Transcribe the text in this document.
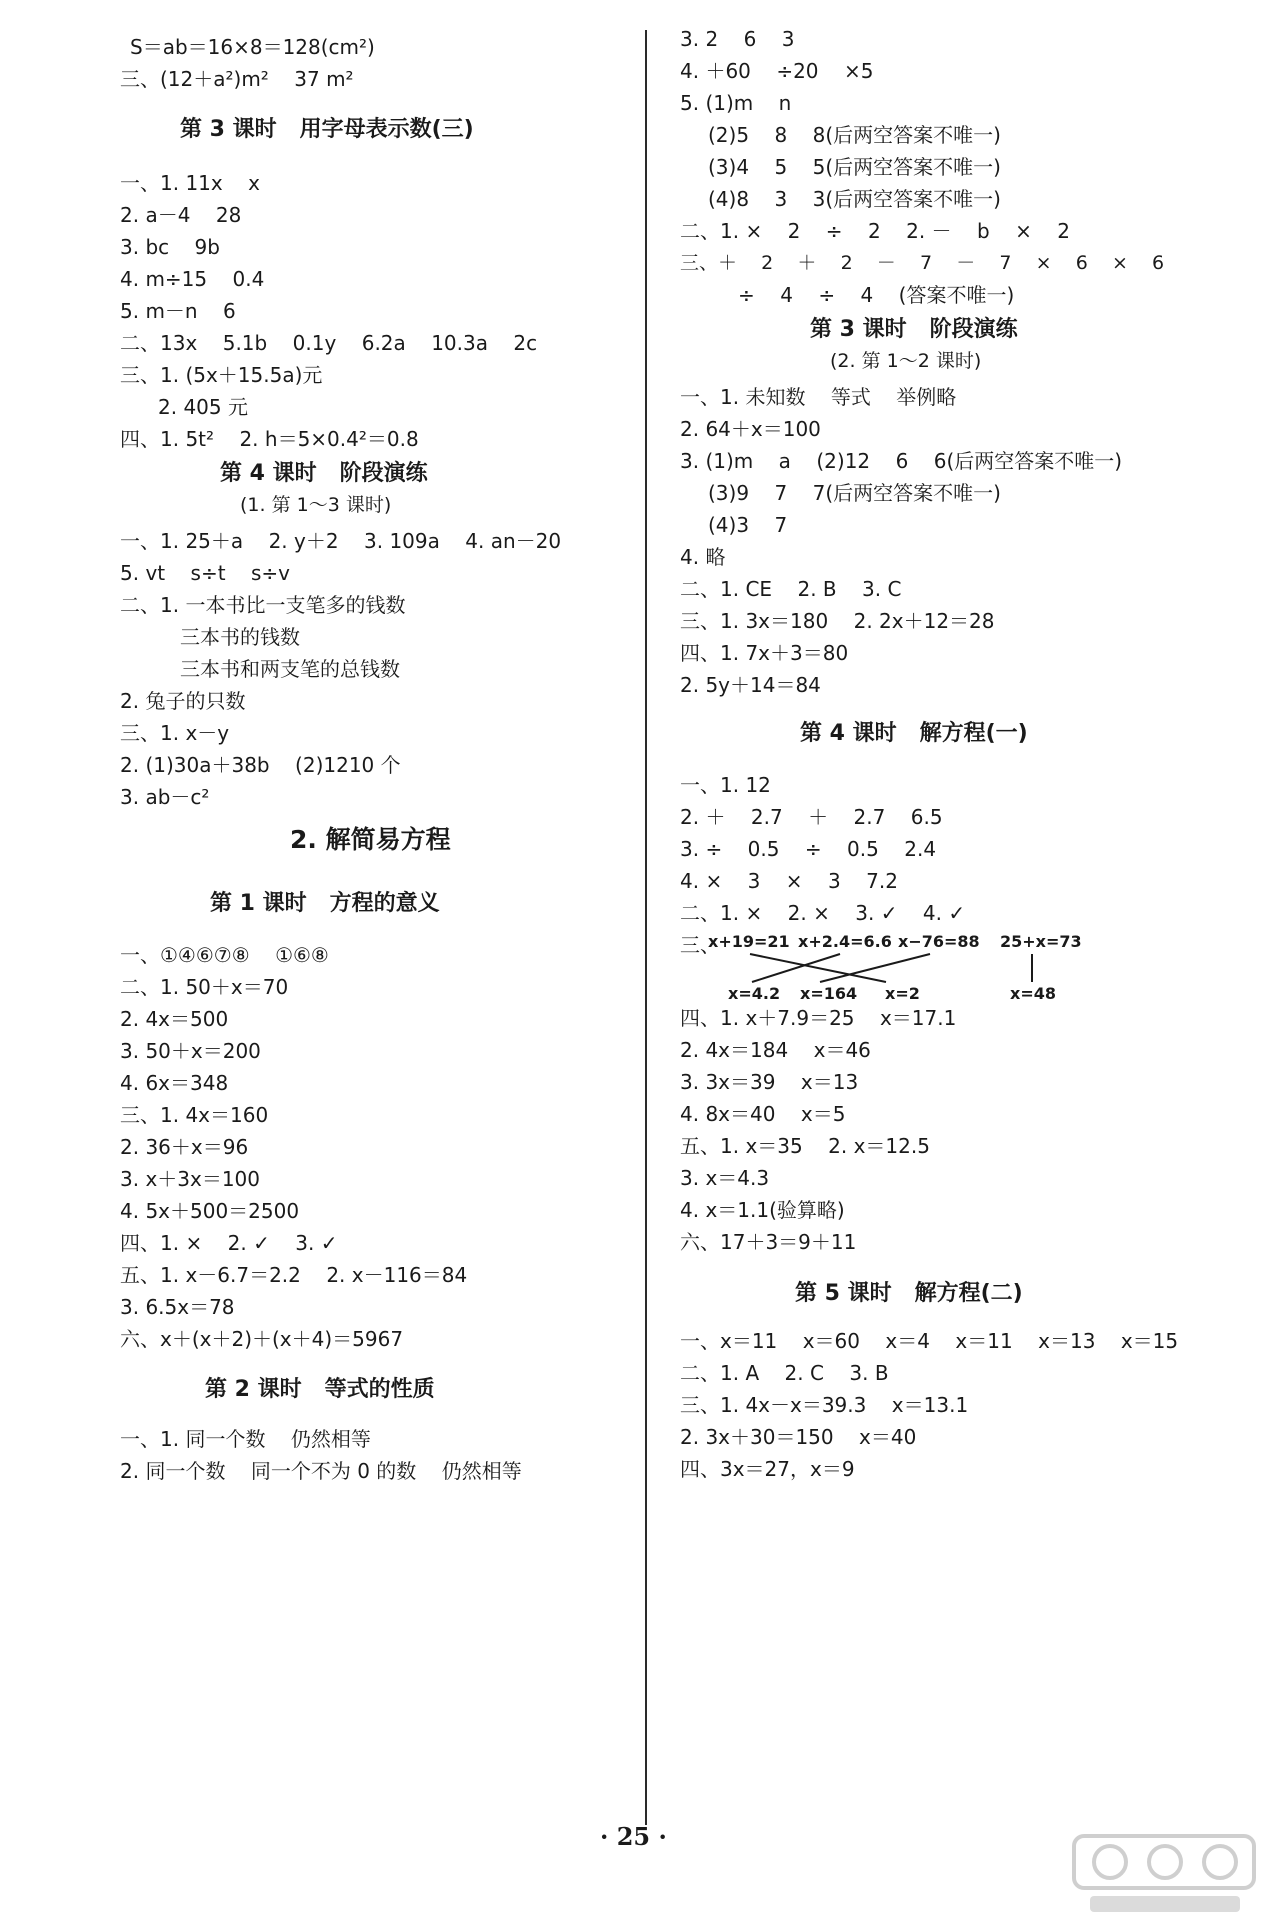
S＝ab＝16×8＝128(cm²)
三、(12＋a²)m²    37 m²
第 3 课时   用字母表示数(三)
一、1. 11x    x
2. a－4    28
3. bc    9b
4. m÷15    0.4
5. m－n    6
二、13x    5.1b    0.1y    6.2a    10.3a    2c
三、1. (5x＋15.5a)元
2. 405 元
四、1. 5t²    2. h＝5×0.4²＝0.8
第 4 课时   阶段演练
(1. 第 1～3 课时)
一、1. 25＋a    2. y＋2    3. 109a    4. an－20
5. vt    s÷t    s÷v
二、1. 一本书比一支笔多的钱数
三本书的钱数
三本书和两支笔的总钱数
2. 兔子的只数
三、1. x－y
2. (1)30a＋38b    (2)1210 个
3. ab－c²
2. 解简易方程
第 1 课时   方程的意义
一、①④⑥⑦⑧    ①⑥⑧
二、1. 50＋x＝70
2. 4x＝500
3. 50＋x＝200
4. 6x＝348
三、1. 4x＝160
2. 36＋x＝96
3. x＋3x＝100
4. 5x＋500＝2500
四、1. ×    2. ✓    3. ✓
五、1. x－6.7＝2.2    2. x－116＝84
3. 6.5x＝78
六、x＋(x＋2)＋(x＋4)＝5967
第 2 课时   等式的性质
一、1. 同一个数    仍然相等
2. 同一个数    同一个不为 0 的数    仍然相等
3. 2    6    3
4. ＋60    ÷20    ×5
5. (1)m    n
(2)5    8    8(后两空答案不唯一)
(3)4    5    5(后两空答案不唯一)
(4)8    3    3(后两空答案不唯一)
二、1. ×    2    ÷    2    2. －    b    ×    2
三、＋    2    ＋    2    －    7    －    7    ×    6    ×    6
÷    4    ÷    4    (答案不唯一)
第 3 课时   阶段演练
(2. 第 1～2 课时)
一、1. 未知数    等式    举例略
2. 64＋x＝100
3. (1)m    a    (2)12    6    6(后两空答案不唯一)
(3)9    7    7(后两空答案不唯一)
(4)3    7
4. 略
二、1. CE    2. B    3. C
三、1. 3x＝180    2. 2x＋12＝28
四、1. 7x＋3＝80
2. 5y＋14＝84
第 4 课时   解方程(一)
一、1. 12
2. ＋    2.7    ＋    2.7    6.5
3. ÷    0.5    ÷    0.5    2.4
4. ×    3    ×    3    7.2
二、1. ×    2. ×    3. ✓    4. ✓
三、
x+19=21 x+2.4=6.6 x−76=88 25+x=73
x=4.2 x=164 x=2	x=48
四、1. x＋7.9＝25    x＝17.1
2. 4x＝184    x＝46
3. 3x＝39    x＝13
4. 8x＝40    x＝5
五、1. x＝35    2. x＝12.5
3. x＝4.3
4. x＝1.1(验算略)
六、17＋3＝9＋11
第 5 课时   解方程(二)
一、x＝11    x＝60    x＝4    x＝11    x＝13    x＝15
二、1. A    2. C    3. B
三、1. 4x－x＝39.3    x＝13.1
2. 3x＋30＝150    x＝40
四、3x＝27，x＝9
· 25 ·
